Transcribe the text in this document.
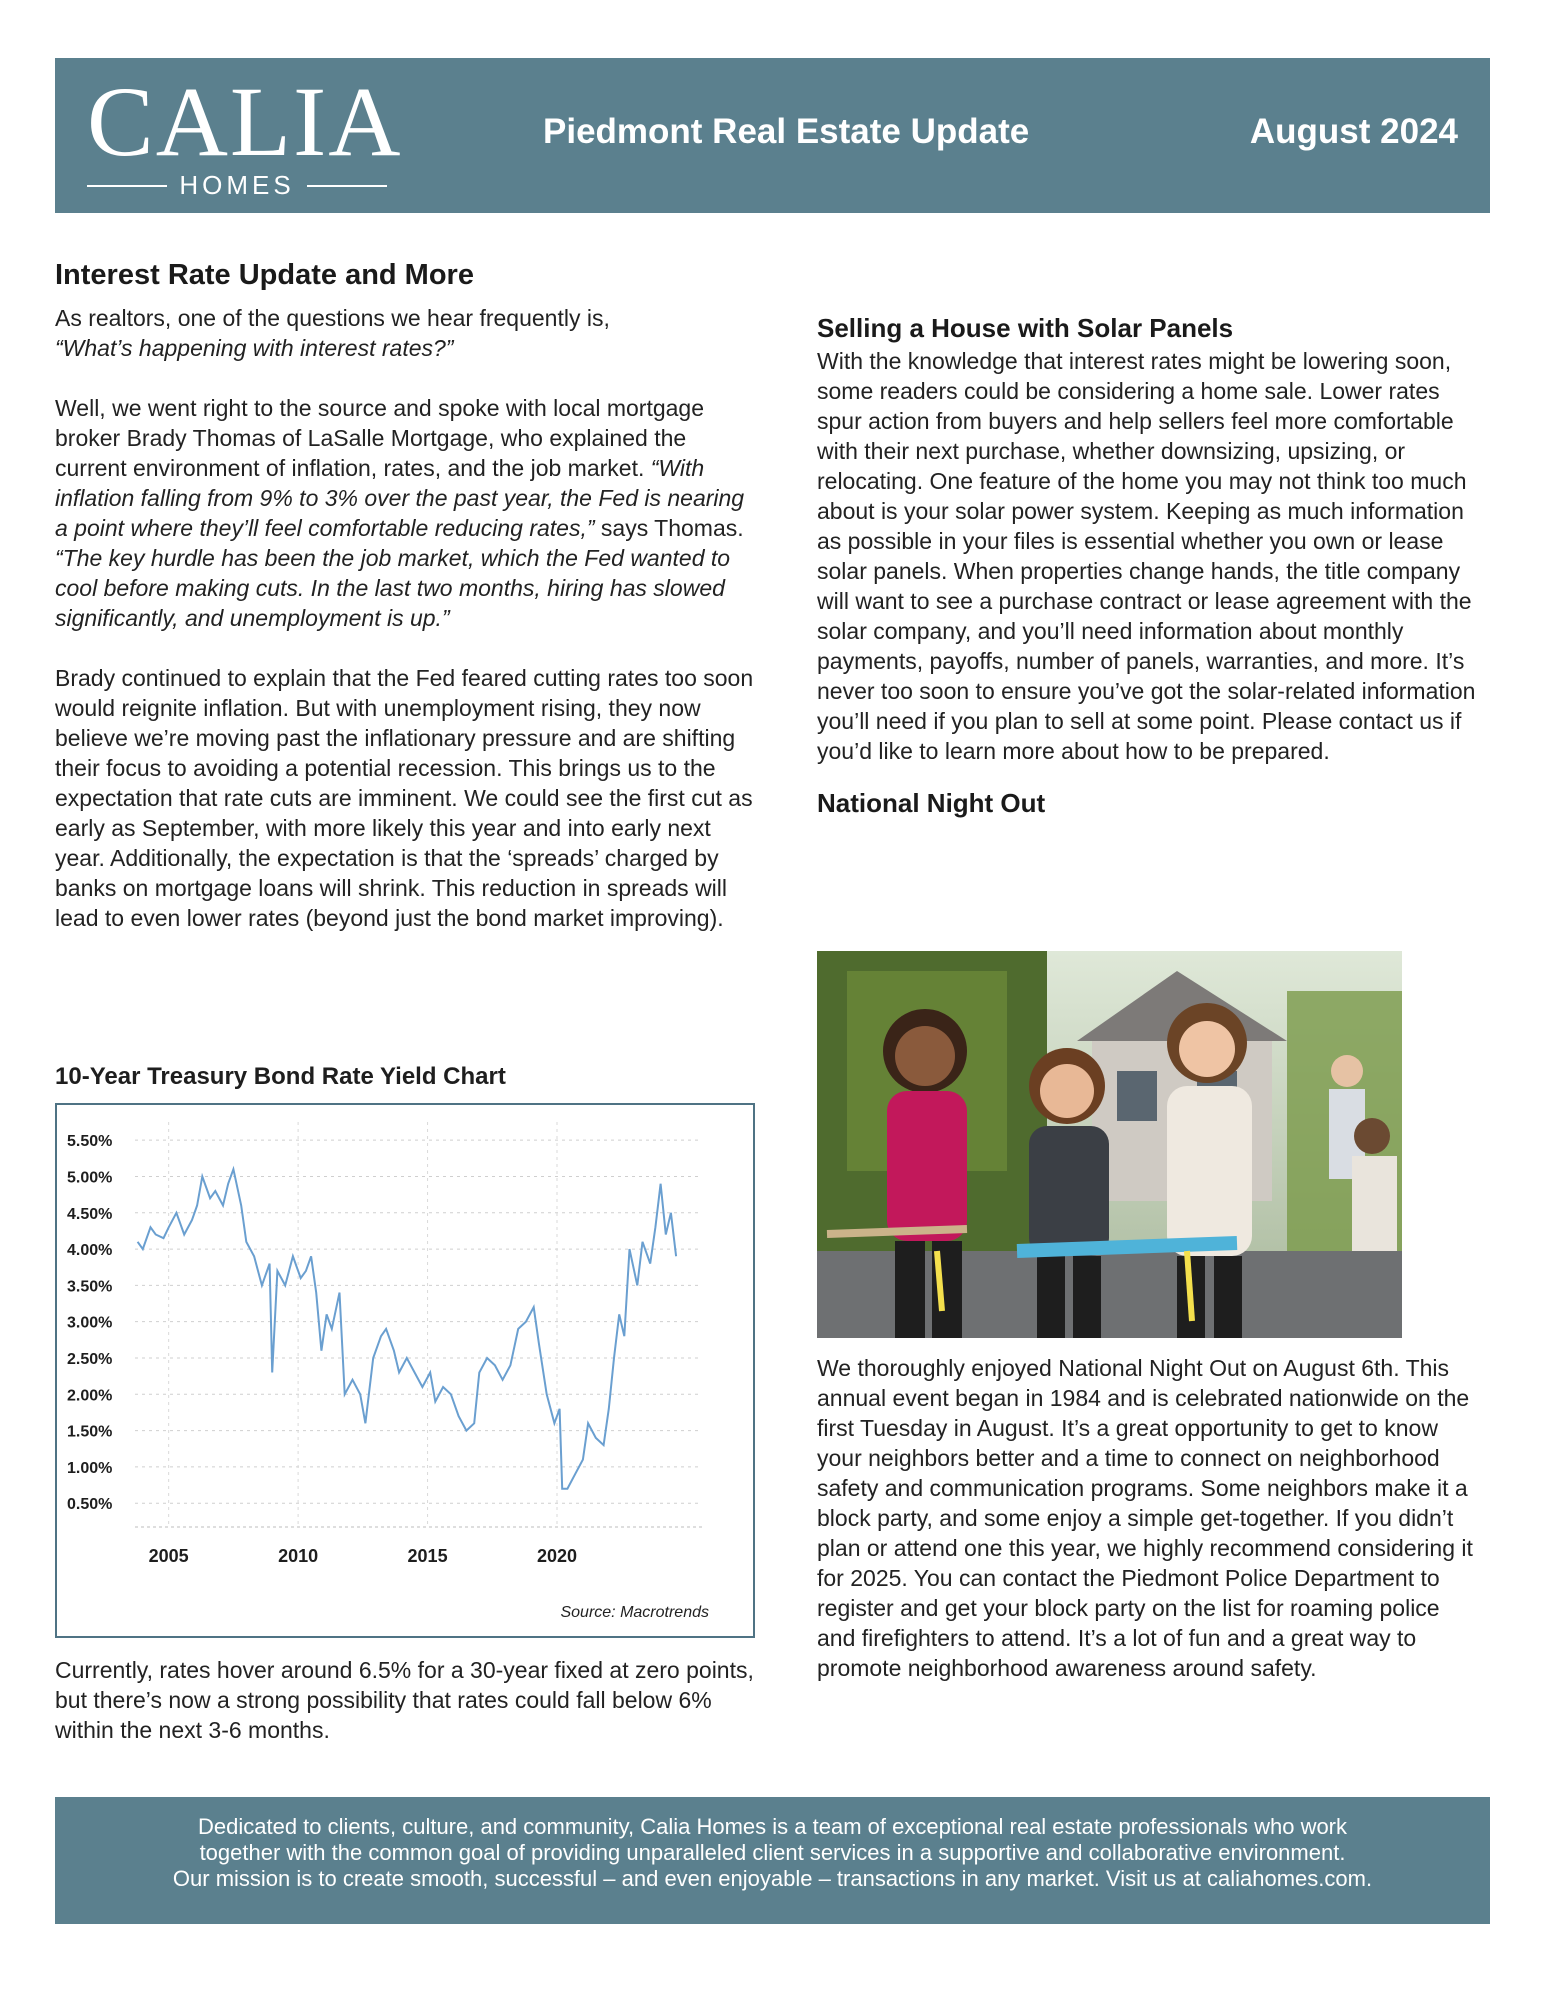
CALIA
HOMES
Piedmont Real Estate Update	August 2024
Interest Rate Update and More

As realtors, one of the questions we hear frequently is,
“What’s happening with interest rates?”

Well, we went right to the source and spoke with local mortgage broker Brady Thomas of LaSalle Mortgage, who explained the current environment of inflation, rates, and the job market. “With inflation falling from 9% to 3% over the past year, the Fed is nearing a point where they’ll feel comfortable reducing rates,” says Thomas. “The key hurdle has been the job market, which the Fed wanted to cool before making cuts. In the last two months, hiring has slowed significantly, and unemployment is up.”

Brady continued to explain that the Fed feared cutting rates too soon would reignite inflation. But with unemployment rising, they now believe we’re moving past the inflationary pressure and are shifting their focus to avoiding a potential recession. This brings us to the expectation that rate cuts are imminent. We could see the first cut as early as September, with more likely this year and into early next year. Additionally, the expectation is that the ‘spreads’ charged by banks on mortgage loans will shrink. This reduction in spreads will lead to even lower rates (beyond just the bond market improving).

10-Year Treasury Bond Rate Yield Chart
5.50%
5.00%
4.50%
4.00%
3.50%
3.00%
2.50%
2.00%
1.50%
1.00%
0.50%
2005	2010	2015	2020
Source: Macrotrends

Currently, rates hover around 6.5% for a 30-year fixed at zero points, but there’s now a strong possibility that rates could fall below 6% within the next 3-6 months.

Selling a House with Solar Panels

With the knowledge that interest rates might be lowering soon, some readers could be considering a home sale. Lower rates spur action from buyers and help sellers feel more comfortable with their next purchase, whether downsizing, upsizing, or relocating. One feature of the home you may not think too much about is your solar power system. Keeping as much information as possible in your files is essential whether you own or lease solar panels. When properties change hands, the title company will want to see a purchase contract or lease agreement with the solar company, and you’ll need information about monthly payments, payoffs, number of panels, warranties, and more. It’s never too soon to ensure you’ve got the solar-related information you’ll need if you plan to sell at some point. Please contact us if you’d like to learn more about how to be prepared.

National Night Out

We thoroughly enjoyed National Night Out on August 6th. This annual event began in 1984 and is celebrated nationwide on the first Tuesday in August. It’s a great opportunity to get to know your neighbors better and a time to connect on neighborhood safety and communication programs. Some neighbors make it a block party, and some enjoy a simple get-together. If you didn’t plan or attend one this year, we highly recommend considering it for 2025. You can contact the Piedmont Police Department to register and get your block party on the list for roaming police and firefighters to attend. It’s a lot of fun and a great way to promote neighborhood awareness around safety.

Dedicated to clients, culture, and community, Calia Homes is a team of exceptional real estate professionals who work
together with the common goal of providing unparalleled client services in a supportive and collaborative environment.
Our mission is to create smooth, successful – and even enjoyable – transactions in any market. Visit us at caliahomes.com.
